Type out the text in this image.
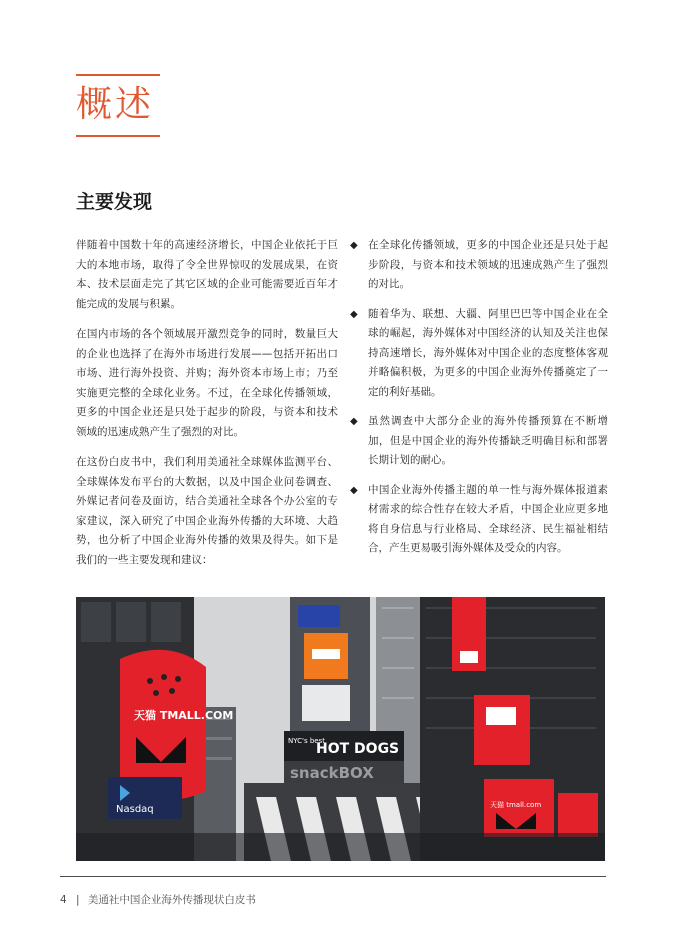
概述
主要发现

伴随着中国数十年的高速经济增长，中国企业依托于巨大的本地市场，取得了令全世界惊叹的发展成果，在资本、技术层面走完了其它区域的企业可能需要近百年才能完成的发展与积累。

在国内市场的各个领域展开激烈竞争的同时，数量巨大的企业也选择了在海外市场进行发展——包括开拓出口市场、进行海外投资、并购；海外资本市场上市；乃至实施更完整的全球化业务。不过，在全球化传播领域，更多的中国企业还是只处于起步的阶段，与资本和技术领域的迅速成熟产生了强烈的对比。

在这份白皮书中，我们利用美通社全球媒体监测平台、全球媒体发布平台的大数据，以及中国企业问卷调查、外媒记者问卷及面访，结合美通社全球各个办公室的专家建议，深入研究了中国企业海外传播的大环境、大趋势，也分析了中国企业海外传播的效果及得失。如下是我们的一些主要发现和建议：

◆ 在全球化传播领域，更多的中国企业还是只处于起步阶段，与资本和技术领域的迅速成熟产生了强烈的对比。
◆ 随着华为、联想、大疆、阿里巴巴等中国企业在全球的崛起，海外媒体对中国经济的认知及关注也保持高速增长，海外媒体对中国企业的态度整体客观并略偏积极，为更多的中国企业海外传播奠定了一定的利好基础。
◆ 虽然调查中大部分企业的海外传播预算在不断增加，但是中国企业的海外传播缺乏明确目标和部署长期计划的耐心。
◆ 中国企业海外传播主题的单一性与海外媒体报道素材需求的综合性存在较大矛盾，中国企业应更多地将自身信息与行业格局、全球经济、民生福祉相结合，产生更易吸引海外媒体及受众的内容。
天猫 TMALL.COM
Nasdaq
NYC's best
HOT DOGS
snackBOX
天猫 tmall.com
4 | 美通社中国企业海外传播现状白皮书
